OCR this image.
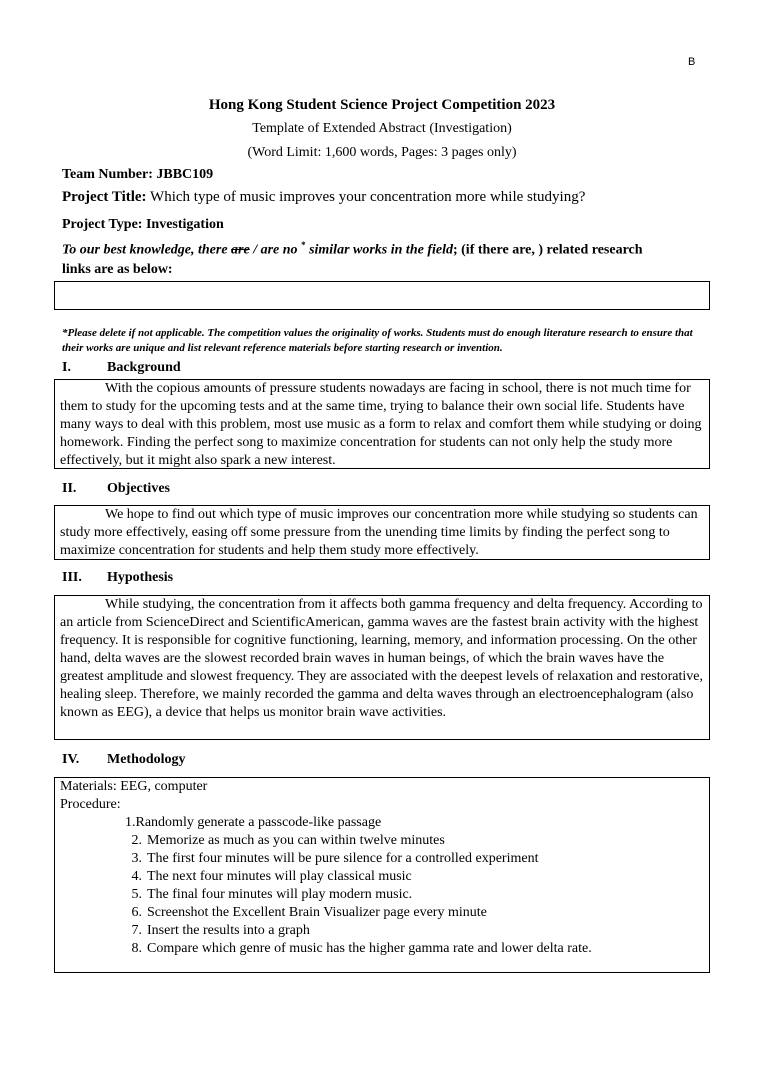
B
Hong Kong Student Science Project Competition 2023
Template of Extended Abstract (Investigation)
(Word Limit: 1,600 words, Pages: 3 pages only)
Team Number: JBBC109
Project Title: Which type of music improves your concentration more while studying?
Project Type: Investigation
To our best knowledge, there are / are no * similar works in the field; (if there are, ) related research
links are as below:
*Please delete if not applicable. The competition values the originality of works. Students must do enough literature research to ensure that their works are unique and list relevant reference materials before starting research or invention.
I.	Background
With the copious amounts of pressure students nowadays are facing in school, there is not much time for them to study for the upcoming tests and at the same time, trying to balance their own social life. Students have many ways to deal with this problem, most use music as a form to relax and comfort them while studying or doing homework. Finding the perfect song to maximize concentration for students can not only help the study more effectively, but it might also spark a new interest.
II. Objectives
We hope to find out which type of music improves our concentration more while studying so students can study more effectively, easing off some pressure from the unending time limits by finding the perfect song to maximize concentration for students and help them study more effectively.
III. Hypothesis
While studying, the concentration from it affects both gamma frequency and delta frequency. According to an article from ScienceDirect and ScientificAmerican, gamma waves are the fastest brain activity with the highest frequency. It is responsible for cognitive functioning, learning, memory, and information processing. On the other hand, delta waves are the slowest recorded brain waves in human beings, of which the brain waves have the greatest amplitude and slowest frequency. They are associated with the deepest levels of relaxation and restorative, healing sleep. Therefore, we mainly recorded the gamma and delta waves through an electroencephalogram (also known as EEG), a device that helps us monitor brain wave activities.
IV. Methodology
Materials: EEG, computer
Procedure:
1.Randomly generate a passcode-like passage
2. Memorize as much as you can within twelve minutes
3. The first four minutes will be pure silence for a controlled experiment
4. The next four minutes will play classical music
5. The final four minutes will play modern music.
6. Screenshot the Excellent Brain Visualizer page every minute
7. Insert the results into a graph
8. Compare which genre of music has the higher gamma rate and lower delta rate.
